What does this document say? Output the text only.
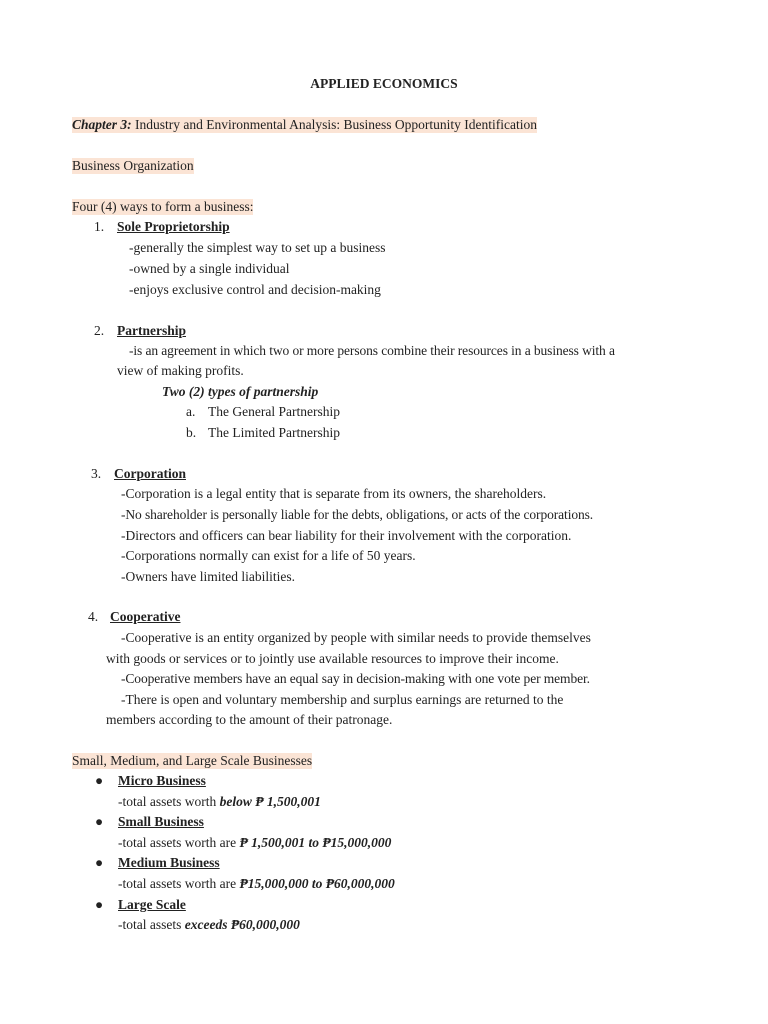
APPLIED ECONOMICS
Chapter 3: Industry and Environmental Analysis: Business Opportunity Identification
Business Organization
Four (4) ways to form a business:
1. Sole Proprietorship
-generally the simplest way to set up a business
-owned by a single individual
-enjoys exclusive control and decision-making
2. Partnership
-is an agreement in which two or more persons combine their resources in a business with a
view of making profits.
Two (2) types of partnership
a. The General Partnership
b. The Limited Partnership
3. Corporation
-Corporation is a legal entity that is separate from its owners, the shareholders.
-No shareholder is personally liable for the debts, obligations, or acts of the corporations.
-Directors and officers can bear liability for their involvement with the corporation.
-Corporations normally can exist for a life of 50 years.
-Owners have limited liabilities.
4. Cooperative
-Cooperative is an entity organized by people with similar needs to provide themselves
with goods or services or to jointly use available resources to improve their income.
-Cooperative members have an equal say in decision-making with one vote per member.
-There is open and voluntary membership and surplus earnings are returned to the
members according to the amount of their patronage.
Small, Medium, and Large Scale Businesses
● Micro Business
-total assets worth below ₱ 1,500,001
● Small Business
-total assets worth are ₱ 1,500,001 to ₱15,000,000
● Medium Business
-total assets worth are ₱15,000,000 to ₱60,000,000
● Large Scale
-total assets exceeds ₱60,000,000
